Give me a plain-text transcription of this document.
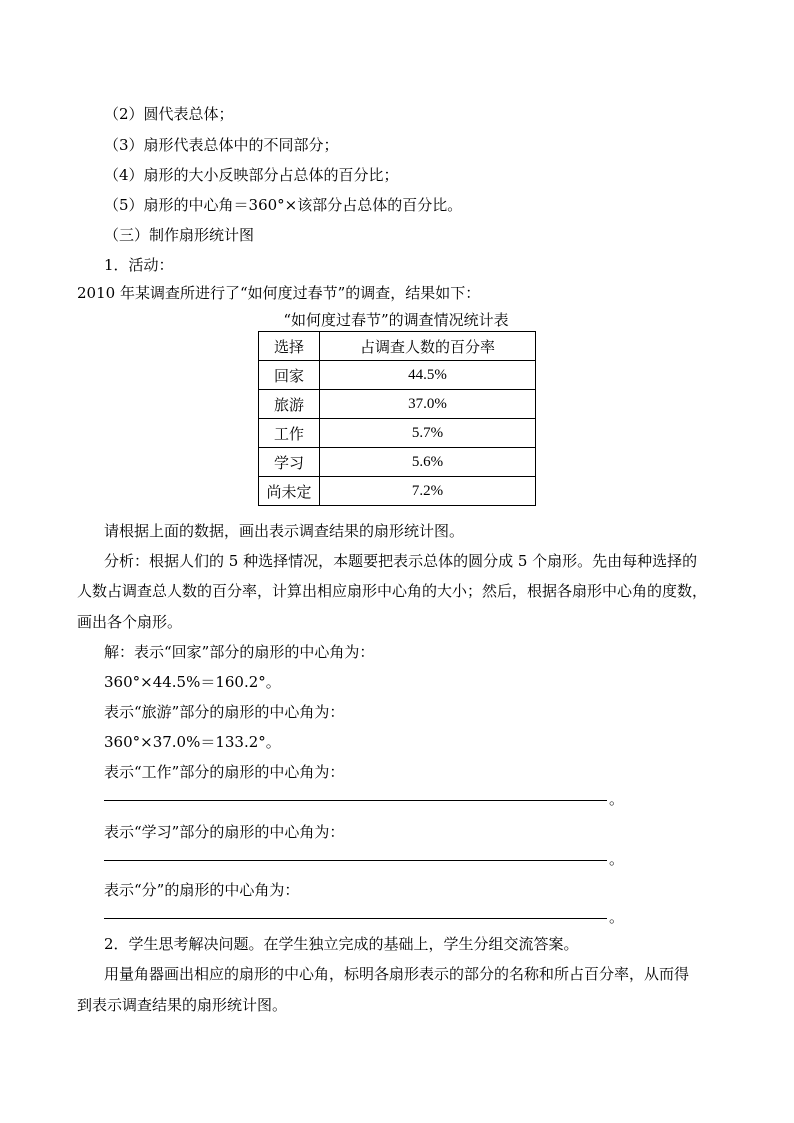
（2）圆代表总体；
（3）扇形代表总体中的不同部分；
（4）扇形的大小反映部分占总体的百分比；
（5）扇形的中心角＝360°×该部分占总体的百分比。
（三）制作扇形统计图
1．活动：
2010 年某调查所进行了“如何度过春节”的调查，结果如下：
“如何度过春节”的调查情况统计表
选择	占调查人数的百分率
回家	44.5%
旅游	37.0%
工作	5.7%
学习	5.6%
尚未定	7.2%
请根据上面的数据，画出表示调查结果的扇形统计图。
分析：根据人们的 5 种选择情况，本题要把表示总体的圆分成 5 个扇形。先由每种选择的
人数占调查总人数的百分率，计算出相应扇形中心角的大小；然后，根据各扇形中心角的度数，
画出各个扇形。
解：表示“回家”部分的扇形的中心角为：
360°×44.5%＝160.2°。
表示“旅游”部分的扇形的中心角为：
360°×37.0%＝133.2°。
表示“工作”部分的扇形的中心角为：
。
表示“学习”部分的扇形的中心角为：
。
表示“分”的扇形的中心角为：
。
2．学生思考解决问题。在学生独立完成的基础上，学生分组交流答案。
用量角器画出相应的扇形的中心角，标明各扇形表示的部分的名称和所占百分率，从而得
到表示调查结果的扇形统计图。
